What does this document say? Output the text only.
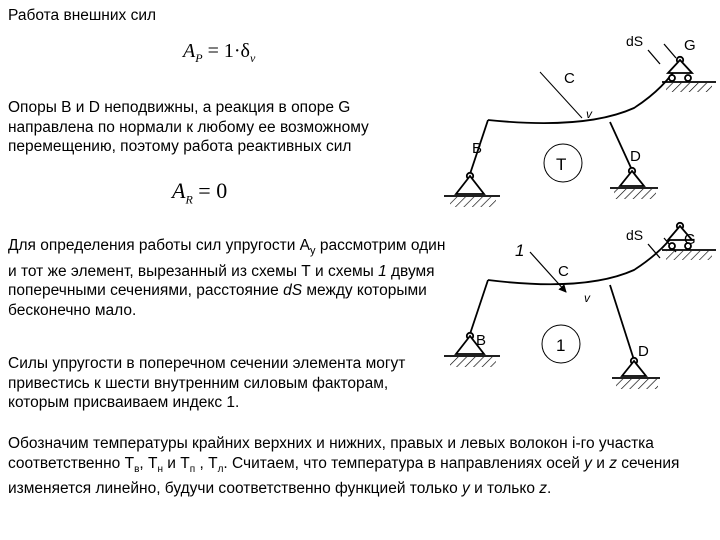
Работа внешних сил
$A_P = 1\cdot\delta_v$

Опоры B и D неподвижны, а реакция в опоре G направлена по нормали к любому ее возможному перемещению, поэтому работа реактивных сил

$A_R = 0$

Для определения работы сил упругости $A_y$ рассмотрим один и тот же элемент, вырезанный из схемы Т и схемы 1 двумя поперечными сечениями, расстояние dS между которыми бесконечно мало.

Силы упругости в поперечном сечении элемента могут привестись к шести внутренним силовым факторам, которым присваиваем индекс 1.

Обозначим температуры крайних верхних и нижних, правых и левых волокон i-го участка соответственно $T_в$, $T_н$ и $T_п$ , $T_л$. Считаем, что температура в направлениях осей y и z сечения изменяется линейно, будучи соответственно функцией только y и только z.

dS	G
C
v
B	D
T
dS	G
C
v
1
B
D
1
